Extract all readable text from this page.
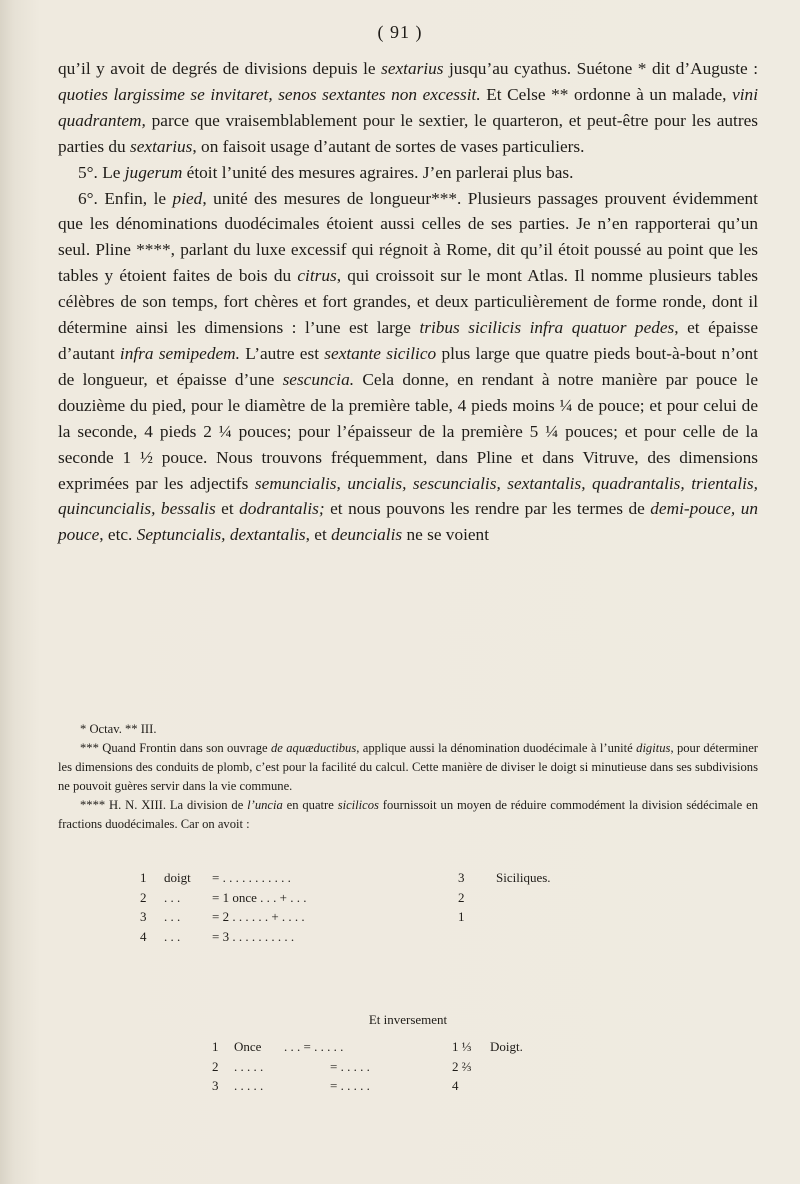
( 91 )

qu’il y avoit de degrés de divisions depuis le sextarius jusqu’au cyathus. Suétone * dit d’Auguste : quoties largissime se invitaret, senos sextantes non excessit. Et Celse ** ordonne à un malade, vini quadrantem, parce que vraisemblablement pour le sextier, le quarteron, et peut-être pour les autres parties du sextarius, on faisoit usage d’autant de sortes de vases particuliers.

5°. Le jugerum étoit l’unité des mesures agraires. J’en parlerai plus bas.

6°. Enfin, le pied, unité des mesures de longueur***. Plusieurs passages prouvent évidemment que les dénominations duodécimales étoient aussi celles de ses parties. Je n’en rapporterai qu’un seul. Pline ****, parlant du luxe excessif qui régnoit à Rome, dit qu’il étoit poussé au point que les tables y étoient faites de bois du citrus, qui croissoit sur le mont Atlas. Il nomme plusieurs tables célèbres de son temps, fort chères et fort grandes, et deux particulièrement de forme ronde, dont il détermine ainsi les dimensions : l’une est large tribus sicilicis infra quatuor pedes, et épaisse d’autant infra semipedem. L’autre est sextante sicilico plus large que quatre pieds bout-à-bout n’ont de longueur, et épaisse d’une sescuncia. Cela donne, en rendant à notre manière par pouce le douzième du pied, pour le diamètre de la première table, 4 pieds moins ¼ de pouce; et pour celui de la seconde, 4 pieds 2 ¼ pouces; pour l’épaisseur de la première 5 ¼ pouces; et pour celle de la seconde 1 ½ pouce. Nous trouvons fréquemment, dans Pline et dans Vitruve, des dimensions exprimées par les adjectifs semuncialis, uncialis, sescuncialis, sextantalis, quadrantalis, trientalis, quincuncialis, bessalis et dodrantalis; et nous pouvons les rendre par les termes de demi-pouce, un pouce, etc. Septuncialis, dextantalis, et deuncialis ne se voient

* Octav. ** III.

*** Quand Frontin dans son ouvrage de aquæductibus, applique aussi la dénomination duodécimale à l’unité digitus, pour déterminer les dimensions des conduits de plomb, c’est pour la facilité du calcul. Cette manière de diviser le doigt si minutieuse dans ses subdivisions ne pouvoit guères servir dans la vie commune.

**** H. N. XIII. La division de l’uncia en quatre sicilicos fournissoit un moyen de réduire commodément la division sédécimale en fractions duodécimales. Car on avoit :

1 doigt = . . . . . . . . . . .	3 Siciliques.
2 . . . = 1 once . . . + . . .	2
3 . . . = 2 . . . . . . + . . . .	1
4 . . . = 3 . . . . . . . . . .
Et inversement
1 Once . . . = . . . . .	1 ⅓ Doigt.
2 . . . . .	= . . . . .	2 ⅔
3 . . . . .	= . . . . .	4
